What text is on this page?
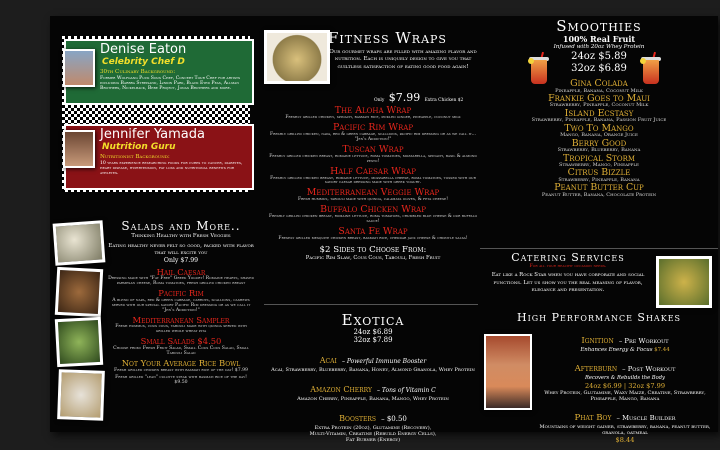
Denise Eaton
Celebrity Chef D
30th Culinary Background:
Former Wolfgang Puck Sous Chef, Concert Tour Chef for artists including Barbra Streisand, Linkin Park, Black Eyed Peas, Allman Brothers, Nickelback, Bebe Project, Jonas Brothers and more.
Jennifer Yamada
Nutrition Guru
Nutritionist Background:
10 years experience researching foods for cures to cancer, diabetes, heart disease, hypertension, fat loss and nutritional benefits for athletes.
Salads and More..
Thinking Healthy with Fresh Veggies
Eating healthy never felt so good, packed with flavor that will excite you
Only $7.99
Hail Caesar
Dressing made with "Fat Free" Greek Yogurt! Romaine hearts, shaved parmesan cheese, Roma tomatoes, fresh grilled chicken breast
Pacific Rim
A blend of napa, red & green cabbage, carrots, scallions, cashews served with our special savory Pacific Rim dressing or as we call it "Jen's Addiction!"
Mediterranean Sampler
Fresh hummus, cous cous, tabouli made with quinoa served with grilled whole wheat pita
Small Salads $4.50
Choose from: Fresh Fruit Salad, Small Cous Cous Salad, Small Tabouli Salad
Not Your Average Rice Bowl
Fresh grilled chicken breast with basmati rice of the day! $7.99
Fresh grilled "lean" culotte steak with basmati rice of the day! $9.50
Fitness Wraps
Our gourmet wraps are filled with amazing flavor and nutrition. Each is uniquely design to give you that guiltless satisfaction of eating good food again!
Only $7.99 Extra Chicken $2
The Aloha Wrap
Freshly grilled chicken, spinach, basmati rice, pickled ginger, pineapple, coconut milk
Pacific Rim Wrap
Freshly grilled chicken, napa, red & green cabbage, scallions, pacific rim dressing or as we call it... "Jen's Addiction!"
Tuscan Wrap
Freshly grilled chicken breast, romaine lettuce, roma tomatoes, mozzarella, spinach, basil & almond pesto!
Half Caesar Wrap
Freshly grilled chicken breast, romaine lettuce, mozzarella cheese, roma tomatoes, tossed with our savory caesar dressing made with greek yogurt.
Mediterranean Veggie Wrap
Fresh hummus, tabouli made with quinoa, calamata olives, & feta cheese!
Buffalo Chicken Wrap
Freshly grilled chicken breast, romaine lettuce, roma tomatoes, crumbled blue cheese & our buffalo sauce!
Santa Fe Wrap
Freshly grilled mesquite chicken breast, basmati rice, cheddar jack cheese & chipotle salsa!
$2 Sides to Choose From:
Pacific Rim Slaw, Cous Cous, Tabouli, Fresh Fruit
Exotica
24oz $6.89
32oz $7.89
Acai – Powerful Immune Booster
Acai, Strawberry, Blueberry, Banana, Honey, Almond Granola, Whey Protein
Amazon Cherry – Tons of Vitamin C
Amazon Cherry, Pineapple, Banana, Mango, Whey Protein
Boosters – $0.50
Extra Protein (20oz), Glutamine (Recovery),
Multi-Vitamin, Creatine (Rebuild Energy Cells),
Fat Burner (Energy)
Smoothies
100% Real Fruit
Infused with 20oz Whey Protein
24oz $5.89
32oz $6.89
Gina Colada
Pineapple, Banana, Coconut Milk
Frankie Goes to Maui
Strawberry, Pineapple, Coconut Milk
Island Ecstasy
Strawberry, Pineapple, Banana, Passion Fruit Juice
Two To Mango
Mango, Banana, Orange Juice
Berry Good
Strawberry, Blueberry, Banana
Tropical Storm
Strawberry, Mango, Pineapple
Citrus Bizzle
Strawberry, Pineapple, Banana
Peanut Butter Cup
Peanut Butter, Banana, Chocolate Protein
Catering Services
For all your healthy occasion needs.
Eat like a Rock Star when you have corporate and social functions. Let us show you the real meaning of flavor, elegance and presentation.
High Performance Shakes
Ignition – Pre Workout
Enhances Energy & Focus $7.44
Afterburn – Post Workout
Recovers & Rebuilds the Body
24oz $6.99 | 32oz $7.99
Whey Protein, Glutamine, Waxy Maize, Creatine, Strawberry, Pineapple, Mango, Banana
Phat Boy – Muscle Builder
Mountains of weight gainer, strawberry, banana, peanut butter, granola, oatmeal
$8.44
